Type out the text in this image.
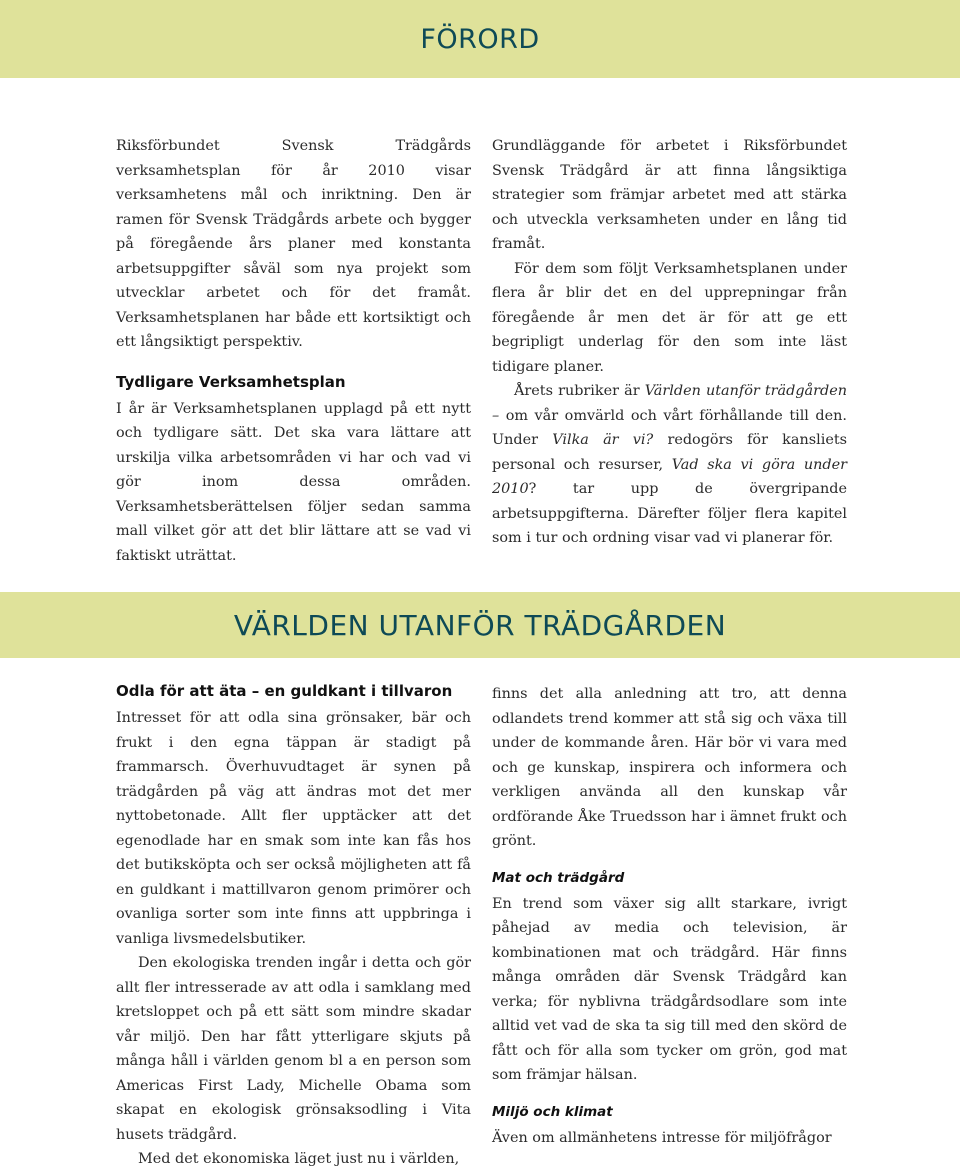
FÖRORD

Riksförbundet Svensk Trädgårds verksamhetsplan för år 2010 visar verksamhetens mål och inriktning. Den är ramen för Svensk Trädgårds arbete och bygger på föregående års planer med konstanta arbetsuppgifter såväl som nya projekt som utvecklar arbetet och för det framåt. Verksamhetsplanen har både ett kortsiktigt och ett långsiktigt perspektiv.

Tydligare Verksamhetsplan

I år är Verksamhetsplanen upplagd på ett nytt och tydligare sätt. Det ska vara lättare att urskilja vilka arbetsområden vi har och vad vi gör inom dessa områden. Verksamhetsberättelsen följer sedan samma mall vilket gör att det blir lättare att se vad vi faktiskt uträttat.

Grundläggande för arbetet i Riksförbundet Svensk Trädgård är att finna långsiktiga strategier som främjar arbetet med att stärka och utveckla verksamheten under en lång tid framåt.

För dem som följt Verksamhetsplanen under flera år blir det en del upprepningar från föregående år men det är för att ge ett begripligt underlag för den som inte läst tidigare planer.

Årets rubriker är Världen utanför trädgården – om vår omvärld och vårt förhållande till den. Under Vilka är vi? redogörs för kansliets personal och resurser, Vad ska vi göra under 2010? tar upp de övergripande arbetsuppgifterna. Därefter följer flera kapitel som i tur och ordning visar vad vi planerar för.

VÄRLDEN UTANFÖR TRÄDGÅRDEN
Odla för att äta – en guldkant i tillvaron

Intresset för att odla sina grönsaker, bär och frukt i den egna täppan är stadigt på frammarsch. Överhuvudtaget är synen på trädgården på väg att ändras mot det mer nyttobetonade. Allt fler upptäcker att det egenodlade har en smak som inte kan fås hos det butiksköpta och ser också möjligheten att få en guldkant i mattillvaron genom primörer och ovanliga sorter som inte finns att uppbringa i vanliga livsmedelsbutiker.

Den ekologiska trenden ingår i detta och gör allt fler intresserade av att odla i samklang med kretsloppet och på ett sätt som mindre skadar vår miljö. Den har fått ytterligare skjuts på många håll i världen genom bl a en person som Americas First Lady, Michelle Obama som skapat en ekologisk grönsaksodling i Vita husets trädgård.

Med det ekonomiska läget just nu i världen,

finns det alla anledning att tro, att denna odlandets trend kommer att stå sig och växa till under de kommande åren. Här bör vi vara med och ge kunskap, inspirera och informera och verkligen använda all den kunskap vår ordförande Åke Truedsson har i ämnet frukt och grönt.

Mat och trädgård

En trend som växer sig allt starkare, ivrigt påhejad av media och television, är kombinationen mat och trädgård. Här finns många områden där Svensk Trädgård kan verka; för nyblivna trädgårdsodlare som inte alltid vet vad de ska ta sig till med den skörd de fått och för alla som tycker om grön, god mat som främjar hälsan.

Miljö och klimat

Även om allmänhetens intresse för miljöfrågor
